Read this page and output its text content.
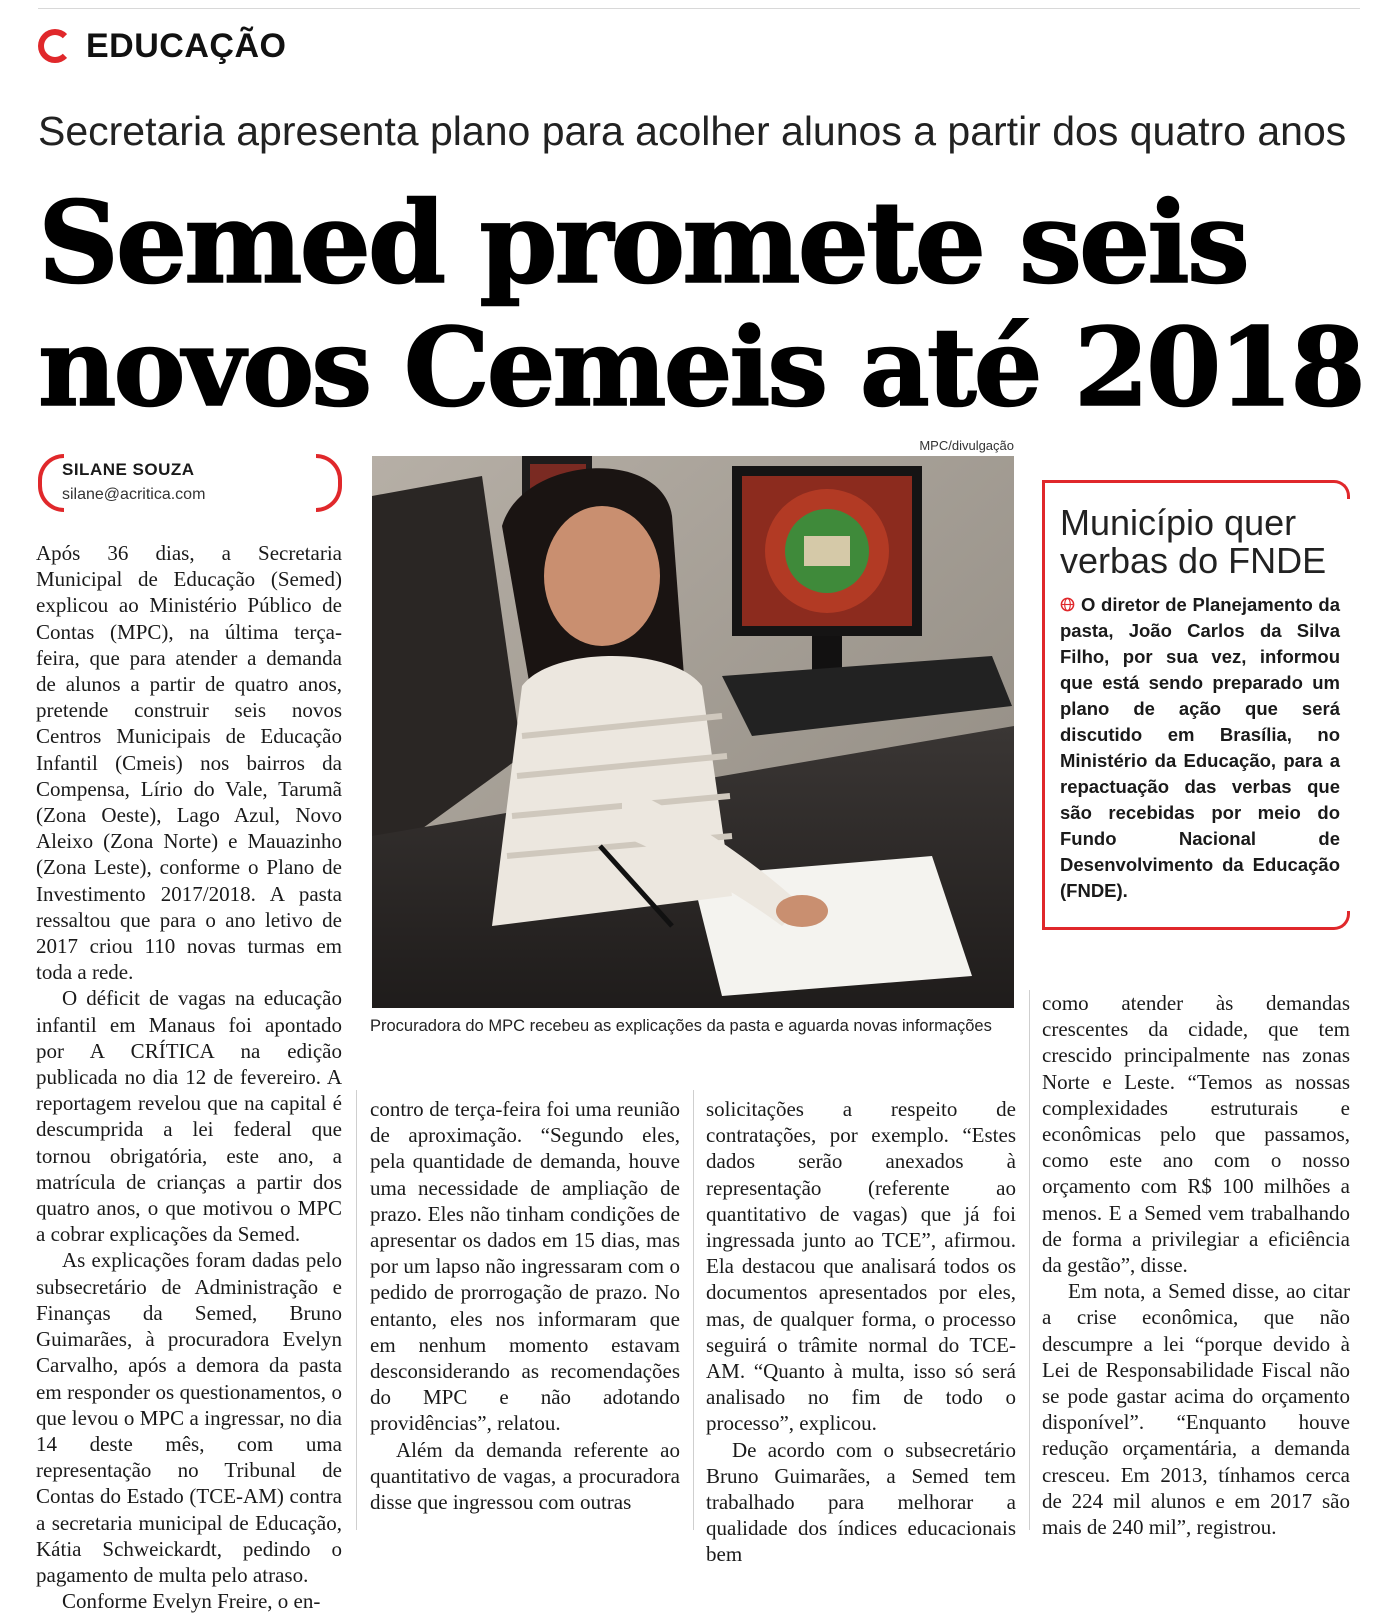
EDUCAÇÃO
Secretaria apresenta plano para acolher alunos a partir dos quatro anos
Semed promete seis
novos Cemeis até 2018
SILANE SOUZA
silane@acritica.com

Após 36 dias, a Secretaria Municipal de Educação (Semed) explicou ao Ministério Público de Contas (MPC), na última terça-feira, que para atender a demanda de alunos a partir de quatro anos, pretende construir seis novos Centros Municipais de Educação Infantil (Cmeis) nos bairros da Compensa, Lírio do Vale, Tarumã (Zona Oeste), Lago Azul, Novo Aleixo (Zona Norte) e Mauazinho (Zona Leste), conforme o Plano de Investimento 2017/2018. A pasta ressaltou que para o ano letivo de 2017 criou 110 novas turmas em toda a rede.

O déficit de vagas na educação infantil em Manaus foi apontado por A CRÍTICA na edição publicada no dia 12 de fevereiro. A reportagem revelou que na capital é descumprida a lei federal que tornou obrigatória, este ano, a matrícula de crianças a partir dos quatro anos, o que motivou o MPC a cobrar explicações da Semed.

As explicações foram dadas pelo subsecretário de Administração e Finanças da Semed, Bruno Guimarães, à procuradora Evelyn Carvalho, após a demora da pasta em responder os questionamentos, o que levou o MPC a ingressar, no dia 14 deste mês, com uma representação no Tribunal de Contas do Estado (TCE-AM) contra a secretaria municipal de Educação, Kátia Schweickardt, pedindo o pagamento de multa pelo atraso.

Conforme Evelyn Freire, o en-

MPC/divulgação
Procuradora do MPC recebeu as explicações da pasta e aguarda novas informações
Município quer verbas do FNDE
O diretor de Planejamento da pasta, João Carlos da Silva Filho, por sua vez, informou que está sendo preparado um plano de ação que será discutido em Brasília, no Ministério da Educação, para a repactuação das verbas que são recebidas por meio do Fundo Nacional de Desenvolvimento da Educação (FNDE).

contro de terça-feira foi uma reunião de aproximação. “Segundo eles, pela quantidade de demanda, houve uma necessidade de ampliação de prazo. Eles não tinham condições de apresentar os dados em 15 dias, mas por um lapso não ingressaram com o pedido de prorrogação de prazo. No entanto, eles nos informaram que em nenhum momento estavam desconsiderando as recomendações do MPC e não adotando providências”, relatou.

Além da demanda referente ao quantitativo de vagas, a procuradora disse que ingressou com outras

solicitações a respeito de contratações, por exemplo. “Estes dados serão anexados à representação (referente ao quantitativo de vagas) que já foi ingressada junto ao TCE”, afirmou. Ela destacou que analisará todos os documentos apresentados por eles, mas, de qualquer forma, o processo seguirá o trâmite normal do TCE-AM. “Quanto à multa, isso só será analisado no fim de todo o processo”, explicou.

De acordo com o subsecretário Bruno Guimarães, a Semed tem trabalhado para melhorar a qualidade dos índices educacionais bem

como atender às demandas crescentes da cidade, que tem crescido principalmente nas zonas Norte e Leste. “Temos as nossas complexidades estruturais e econômicas pelo que passamos, como este ano com o nosso orçamento com R$ 100 milhões a menos. E a Semed vem trabalhando de forma a privilegiar a eficiência da gestão”, disse.

Em nota, a Semed disse, ao citar a crise econômica, que não descumpre a lei “porque devido à Lei de Responsabilidade Fiscal não se pode gastar acima do orçamento disponível”. “Enquanto houve redução orçamentária, a demanda cresceu. Em 2013, tínhamos cerca de 224 mil alunos e em 2017 são mais de 240 mil”, registrou.
